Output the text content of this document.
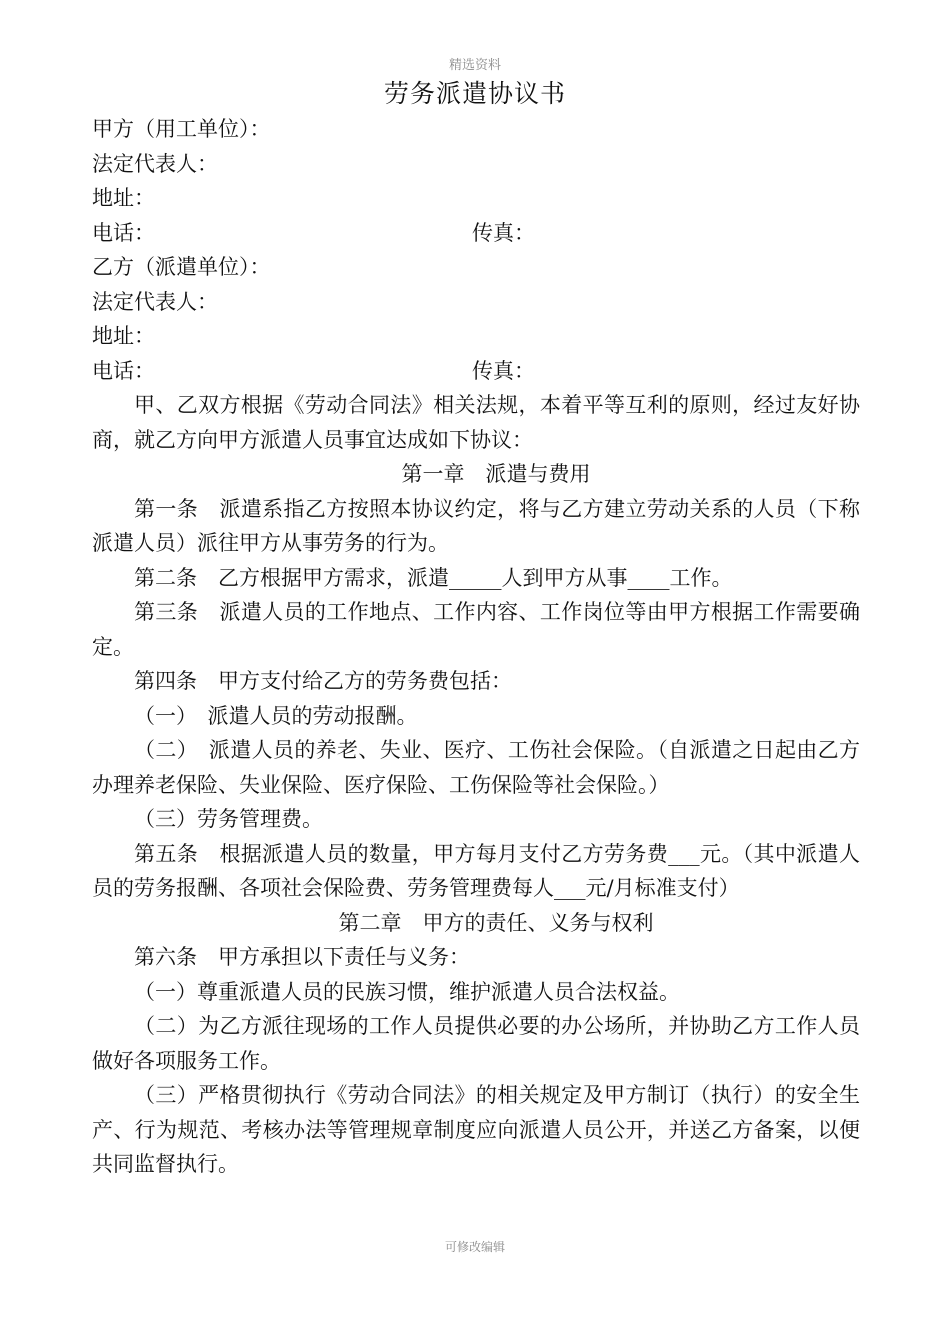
精选资料
劳务派遣协议书

甲方（用工单位）：

法定代表人：

地址：

电话：	传真：

乙方（派遣单位）：

法定代表人：

地址：

电话：	传真：

甲、乙双方根据《劳动合同法》相关法规，本着平等互利的原则，经过友好协商，就乙方向甲方派遣人员事宜达成如下协议：

第一章　派遣与费用

第一条　派遣系指乙方按照本协议约定，将与乙方建立劳动关系的人员（下称派遣人员）派往甲方从事劳务的行为。

第二条　乙方根据甲方需求，派遣_____人到甲方从事____工作。

第三条　派遣人员的工作地点、工作内容、工作岗位等由甲方根据工作需要确定。

第四条　甲方支付给乙方的劳务费包括：

（一）　派遣人员的劳动报酬。

（二）　派遣人员的养老、失业、医疗、工伤社会保险。（自派遣之日起由乙方办理养老保险、失业保险、医疗保险、工伤保险等社会保险。）

（三）劳务管理费。

第五条　根据派遣人员的数量，甲方每月支付乙方劳务费___元。（其中派遣人员的劳务报酬、各项社会保险费、劳务管理费每人___元/月标准支付）

第二章　甲方的责任、义务与权利

第六条　甲方承担以下责任与义务：

（一）尊重派遣人员的民族习惯，维护派遣人员合法权益。

（二）为乙方派往现场的工作人员提供必要的办公场所，并协助乙方工作人员做好各项服务工作。

（三）严格贯彻执行《劳动合同法》的相关规定及甲方制订（执行）的安全生产、行为规范、考核办法等管理规章制度应向派遣人员公开，并送乙方备案，以便共同监督执行。

可修改编辑
